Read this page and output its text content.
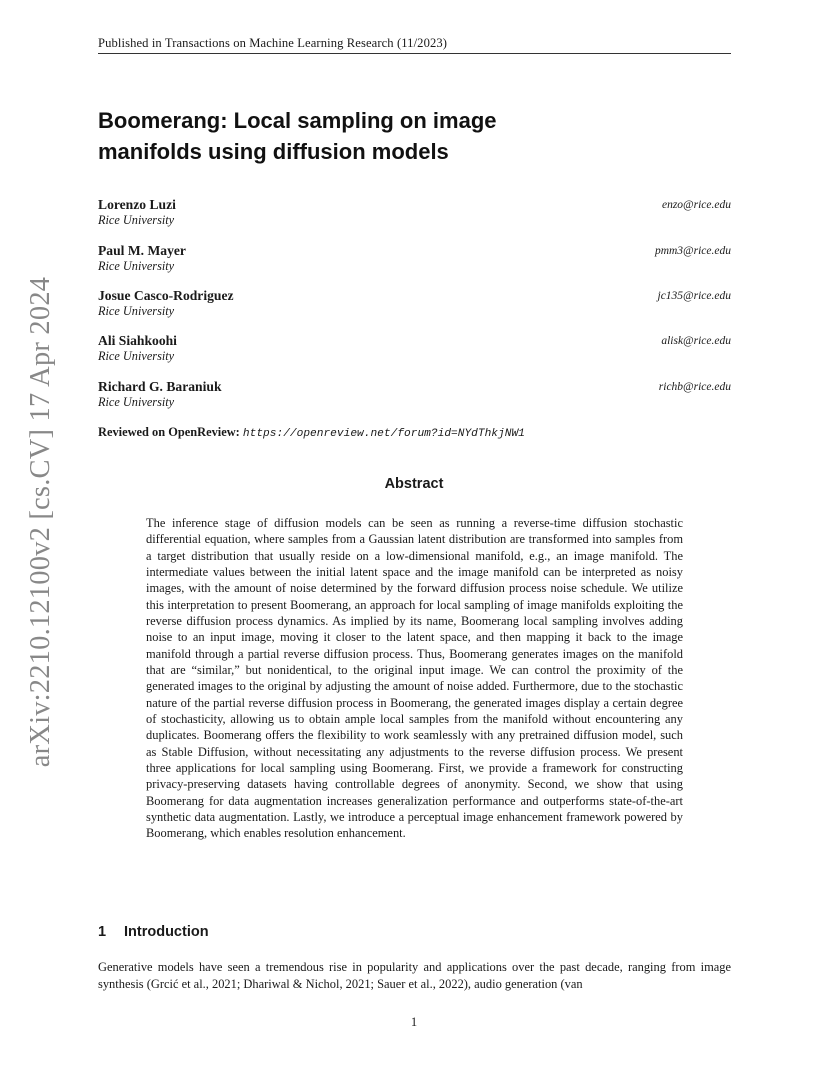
Published in Transactions on Machine Learning Research (11/2023)
arXiv:2210.12100v2 [cs.CV] 17 Apr 2024
Boomerang: Local sampling on image manifolds using diffusion models
Lorenzo Luzi
Rice University
enzo@rice.edu
Paul M. Mayer
Rice University
pmm3@rice.edu
Josue Casco-Rodriguez
Rice University
jc135@rice.edu
Ali Siahkoohi
Rice University
alisk@rice.edu
Richard G. Baraniuk
Rice University
richb@rice.edu
Reviewed on OpenReview: https://openreview.net/forum?id=NYdThkjNW1
Abstract
The inference stage of diffusion models can be seen as running a reverse-time diffusion stochastic differential equation, where samples from a Gaussian latent distribution are transformed into samples from a target distribution that usually reside on a low-dimensional manifold, e.g., an image manifold. The intermediate values between the initial latent space and the image manifold can be interpreted as noisy images, with the amount of noise determined by the forward diffusion process noise schedule. We utilize this interpretation to present Boomerang, an approach for local sampling of image manifolds exploiting the reverse diffusion process dynamics. As implied by its name, Boomerang local sampling involves adding noise to an input image, moving it closer to the latent space, and then mapping it back to the image manifold through a partial reverse diffusion process. Thus, Boomerang generates images on the manifold that are “similar,” but nonidentical, to the original input image. We can control the proximity of the generated images to the original by adjusting the amount of noise added. Furthermore, due to the stochastic nature of the partial reverse diffusion process in Boomerang, the generated images display a certain degree of stochasticity, allowing us to obtain ample local samples from the manifold without encountering any duplicates. Boomerang offers the flexibility to work seamlessly with any pretrained diffusion model, such as Stable Diffusion, without necessitating any adjustments to the reverse diffusion process. We present three applications for local sampling using Boomerang. First, we provide a framework for constructing privacy-preserving datasets having controllable degrees of anonymity. Second, we show that using Boomerang for data augmentation increases generalization performance and outperforms state-of-the-art synthetic data augmentation. Lastly, we introduce a perceptual image enhancement framework powered by Boomerang, which enables resolution enhancement.
1 Introduction
Generative models have seen a tremendous rise in popularity and applications over the past decade, ranging from image synthesis (Grcić et al., 2021; Dhariwal & Nichol, 2021; Sauer et al., 2022), audio generation (van
1
